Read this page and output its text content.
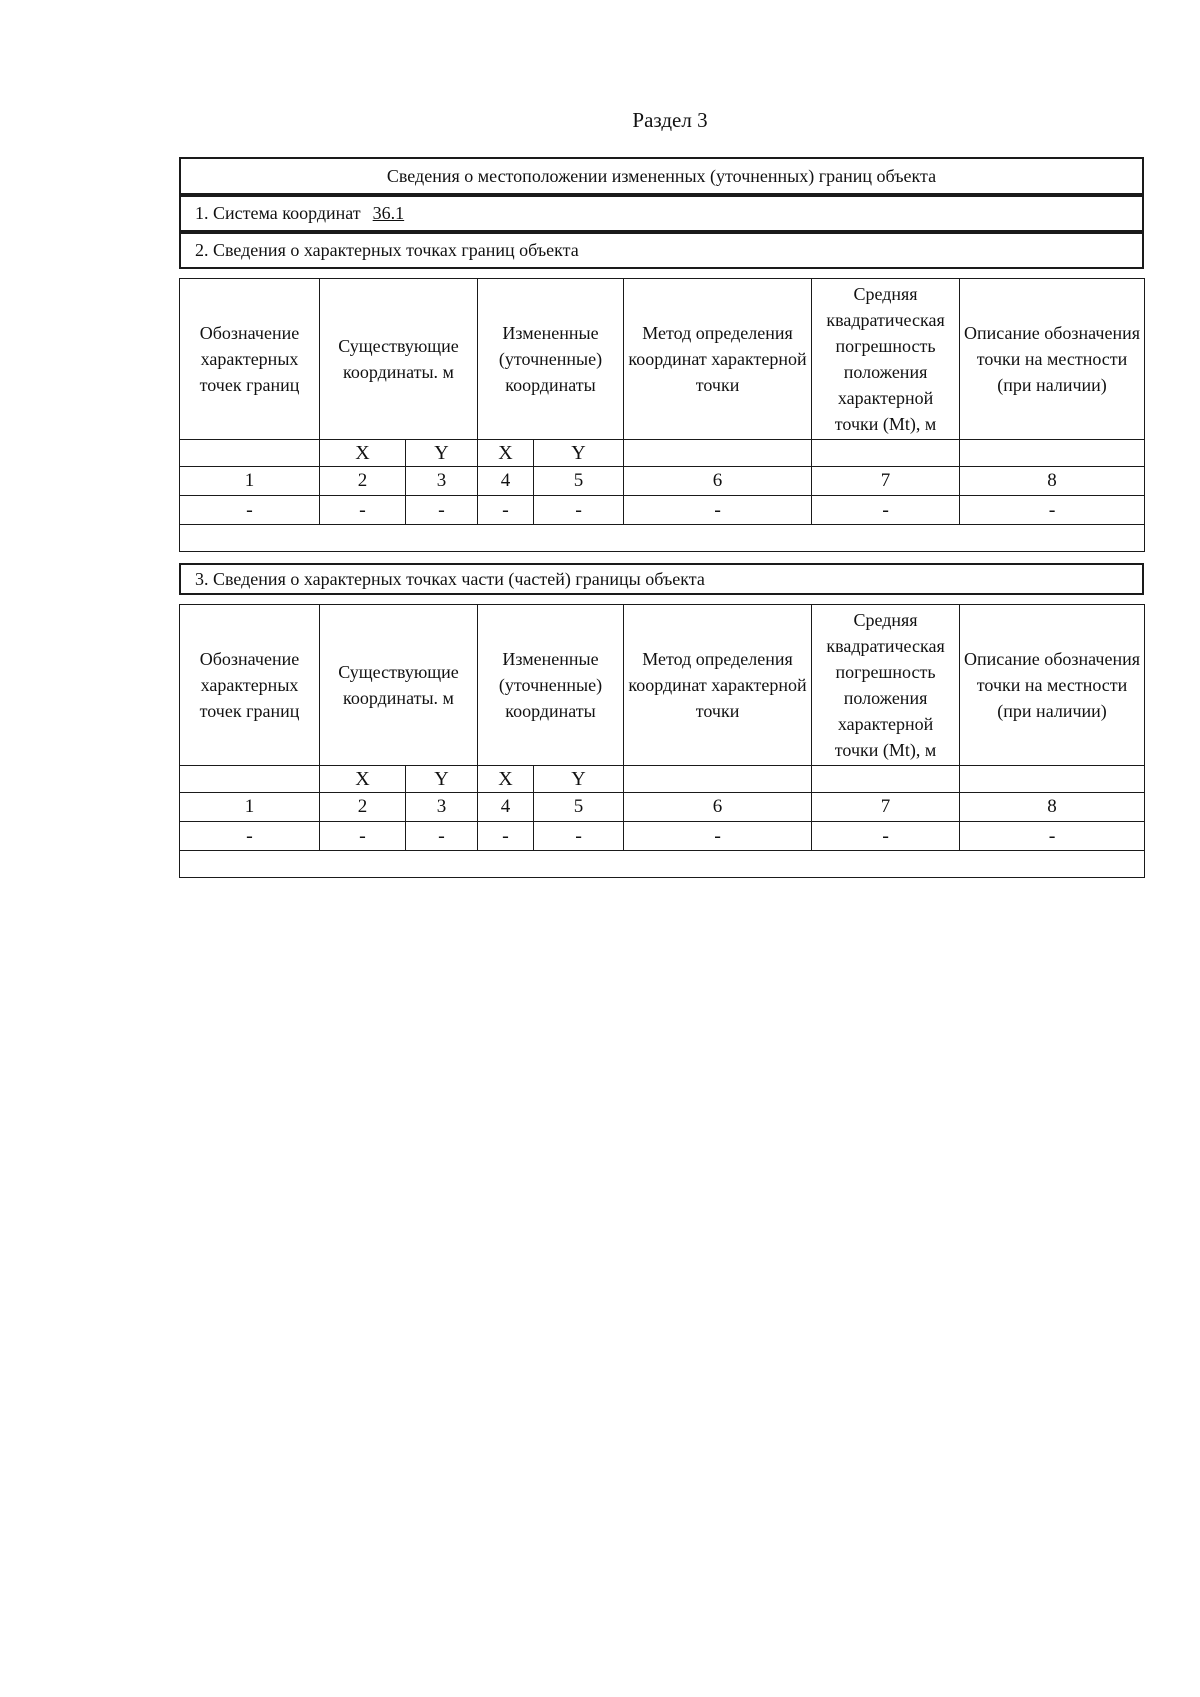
Раздел 3
Сведения о местоположении измененных (уточненных) границ объекта
1. Система координат 36.1
2. Сведения о характерных точках границ объекта
Обозначение характерных точек границ	Существующие координаты. м		Измененные (уточненные) координаты		Метод определения координат характерной точки	Средняя квадратическая погрешность положения характерной точки (Mt), м	Описание обозначения точки на местности (при наличии)
	X	Y	X	Y			
1	2	3	4	5	6	7	8
-	-	-	-	-	-	-	-

3. Сведения о характерных точках части (частей) границы объекта
Обозначение характерных точек границ	Существующие координаты. м		Измененные (уточненные) координаты		Метод определения координат характерной точки	Средняя квадратическая погрешность положения характерной точки (Mt), м	Описание обозначения точки на местности (при наличии)
	X	Y	X	Y			
1	2	3	4	5	6	7	8
-	-	-	-	-	-	-	-
